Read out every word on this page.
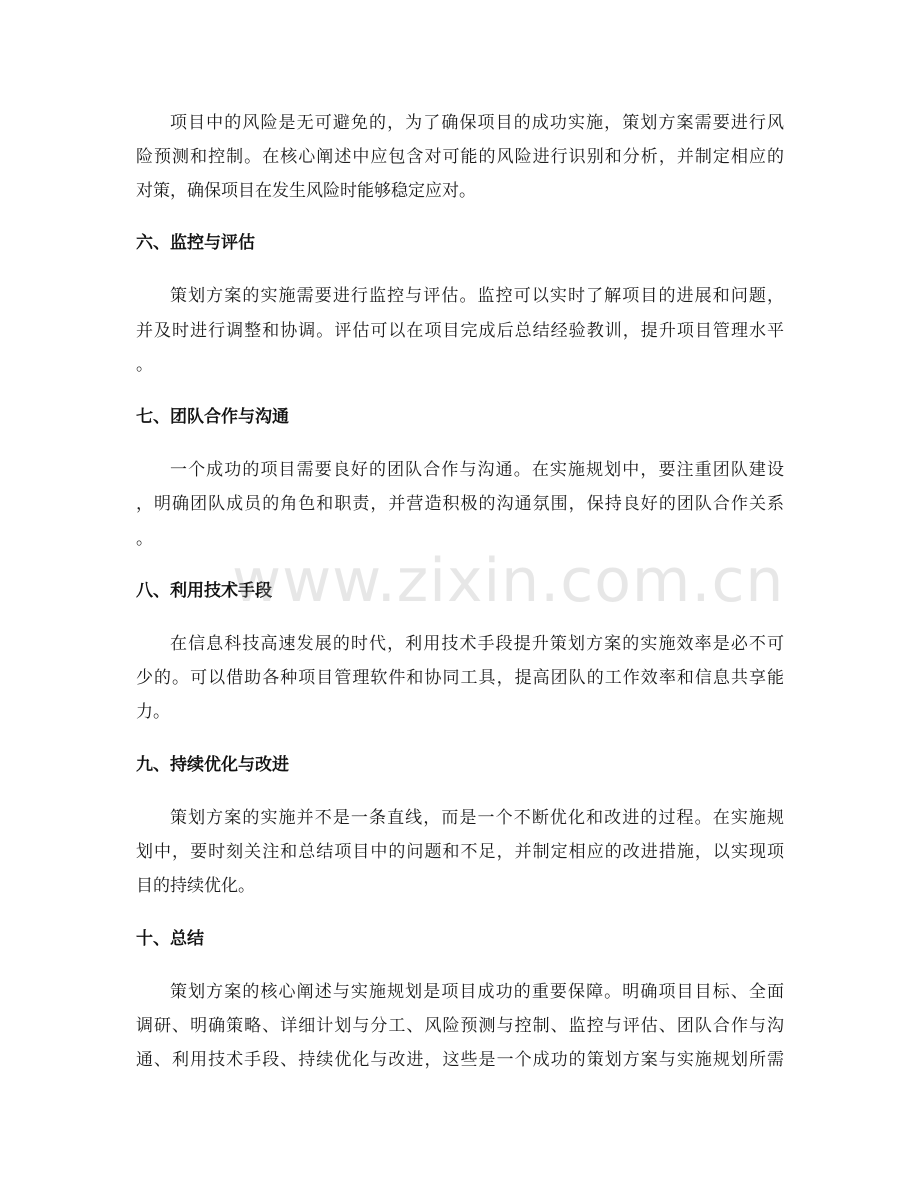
项目中的风险是无可避免的，为了确保项目的成功实施，策划方案需要进行风
险预测和控制。在核心阐述中应包含对可能的风险进行识别和分析，并制定相应的
对策，确保项目在发生风险时能够稳定应对。
六、监控与评估
策划方案的实施需要进行监控与评估。监控可以实时了解项目的进展和问题，
并及时进行调整和协调。评估可以在项目完成后总结经验教训，提升项目管理水平
。
七、团队合作与沟通
一个成功的项目需要良好的团队合作与沟通。在实施规划中，要注重团队建设
，明确团队成员的角色和职责，并营造积极的沟通氛围，保持良好的团队合作关系
。
八、利用技术手段
在信息科技高速发展的时代，利用技术手段提升策划方案的实施效率是必不可
少的。可以借助各种项目管理软件和协同工具，提高团队的工作效率和信息共享能
力。
九、持续优化与改进
策划方案的实施并不是一条直线，而是一个不断优化和改进的过程。在实施规
划中，要时刻关注和总结项目中的问题和不足，并制定相应的改进措施，以实现项
目的持续优化。
十、总结
策划方案的核心阐述与实施规划是项目成功的重要保障。明确项目目标、全面
调研、明确策略、详细计划与分工、风险预测与控制、监控与评估、团队合作与沟
通、利用技术手段、持续优化与改进，这些是一个成功的策划方案与实施规划所需
www.zixin.com.cn
